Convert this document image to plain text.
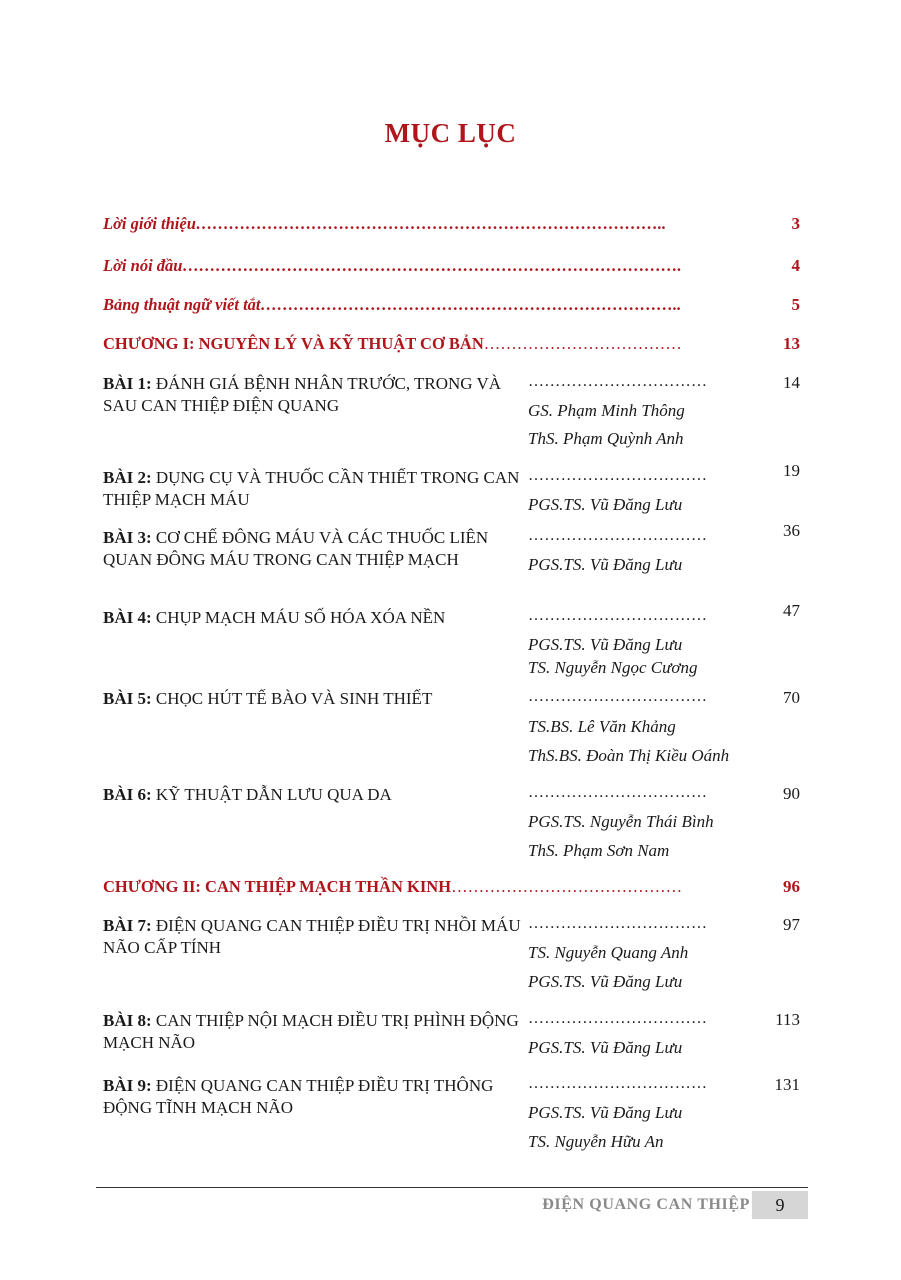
MỤC LỤC
Lời giới thiệu…………………………………………………………………………..	3
Lời nói đầu……………………………………………………………………………….	4
Bảng thuật ngữ viết tắt…………………………………………………………………..	5
CHƯƠNG I: NGUYÊN LÝ VÀ KỸ THUẬT CƠ BẢN………………………………	13
BÀI 1: ĐÁNH GIÁ BỆNH NHÂN TRƯỚC, TRONG VÀ SAU CAN THIỆP ĐIỆN QUANG
……………………………	14
GS. Phạm Minh Thông
ThS. Phạm Quỳnh Anh
BÀI 2: DỤNG CỤ VÀ THUỐC CẦN THIẾT TRONG CAN THIỆP MẠCH MÁU
……………………………	19
PGS.TS. Vũ Đăng Lưu
BÀI 3: CƠ CHẾ ĐÔNG MÁU VÀ CÁC THUỐC LIÊN QUAN ĐÔNG MÁU TRONG CAN THIỆP MẠCH
……………………………	36
PGS.TS. Vũ Đăng Lưu
BÀI 4: CHỤP MẠCH MÁU SỐ HÓA XÓA NỀN	……………………………	47
PGS.TS. Vũ Đăng Lưu
TS. Nguyễn Ngọc Cương
BÀI 5: CHỌC HÚT TẾ BÀO VÀ SINH THIẾT	……………………………	70
TS.BS. Lê Văn Khảng
ThS.BS. Đoàn Thị Kiều Oánh
BÀI 6: KỸ THUẬT DẪN LƯU QUA DA	……………………………	90
PGS.TS. Nguyễn Thái Bình
ThS. Phạm Sơn Nam
CHƯƠNG II: CAN THIỆP MẠCH THẦN KINH……………………………………	96
BÀI 7: ĐIỆN QUANG CAN THIỆP ĐIỀU TRỊ NHỒI MÁU NÃO CẤP TÍNH
……………………………	97
TS. Nguyễn Quang Anh
PGS.TS. Vũ Đăng Lưu
BÀI 8: CAN THIỆP NỘI MẠCH ĐIỀU TRỊ PHÌNH ĐỘNG MẠCH NÃO
……………………………	113
PGS.TS. Vũ Đăng Lưu
BÀI 9: ĐIỆN QUANG CAN THIỆP ĐIỀU TRỊ THÔNG ĐỘNG TĨNH MẠCH NÃO
……………………………	131
PGS.TS. Vũ Đăng Lưu
TS. Nguyễn Hữu An
ĐIỆN QUANG CAN THIỆP	9
